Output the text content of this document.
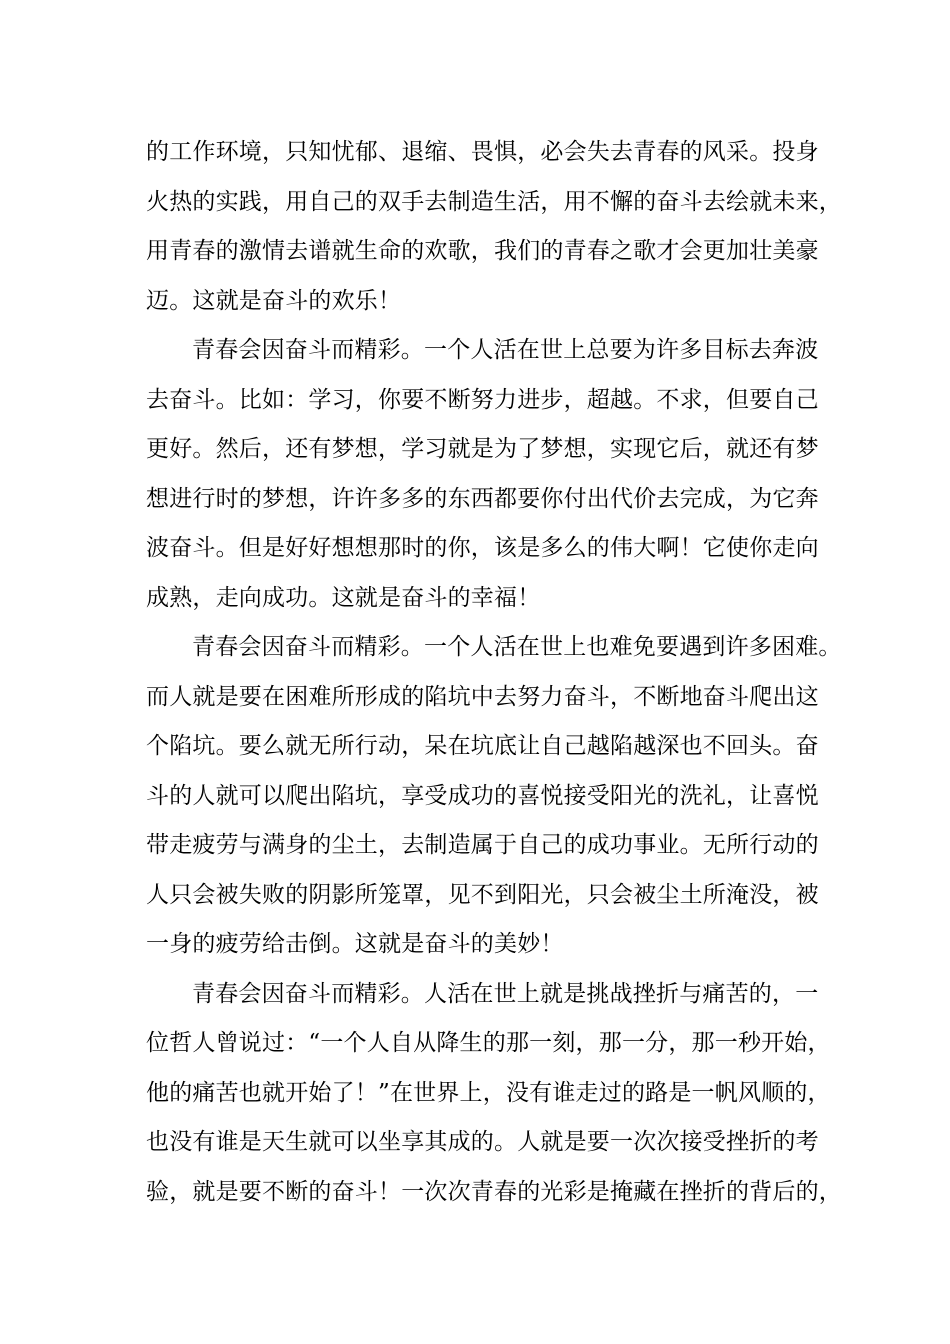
的工作环境，只知忧郁、退缩、畏惧，必会失去青春的风采。投身
火热的实践，用自己的双手去制造生活，用不懈的奋斗去绘就未来，
用青春的激情去谱就生命的欢歌，我们的青春之歌才会更加壮美豪
迈。这就是奋斗的欢乐！
青春会因奋斗而精彩。一个人活在世上总要为许多目标去奔波
去奋斗。比如：学习，你要不断努力进步，超越。不求，但要自己
更好。然后，还有梦想，学习就是为了梦想，实现它后，就还有梦
想进行时的梦想，许许多多的东西都要你付出代价去完成，为它奔
波奋斗。但是好好想想那时的你，该是多么的伟大啊！它使你走向
成熟，走向成功。这就是奋斗的幸福！
青春会因奋斗而精彩。一个人活在世上也难免要遇到许多困难。
而人就是要在困难所形成的陷坑中去努力奋斗，不断地奋斗爬出这
个陷坑。要么就无所行动，呆在坑底让自己越陷越深也不回头。奋
斗的人就可以爬出陷坑，享受成功的喜悦接受阳光的洗礼，让喜悦
带走疲劳与满身的尘土，去制造属于自己的成功事业。无所行动的
人只会被失败的阴影所笼罩，见不到阳光，只会被尘土所淹没，被
一身的疲劳给击倒。这就是奋斗的美妙！
青春会因奋斗而精彩。人活在世上就是挑战挫折与痛苦的，一
位哲人曾说过：“一个人自从降生的那一刻，那一分，那一秒开始，
他的痛苦也就开始了！”在世界上，没有谁走过的路是一帆风顺的，
也没有谁是天生就可以坐享其成的。人就是要一次次接受挫折的考
验，就是要不断的奋斗！一次次青春的光彩是掩藏在挫折的背后的，
